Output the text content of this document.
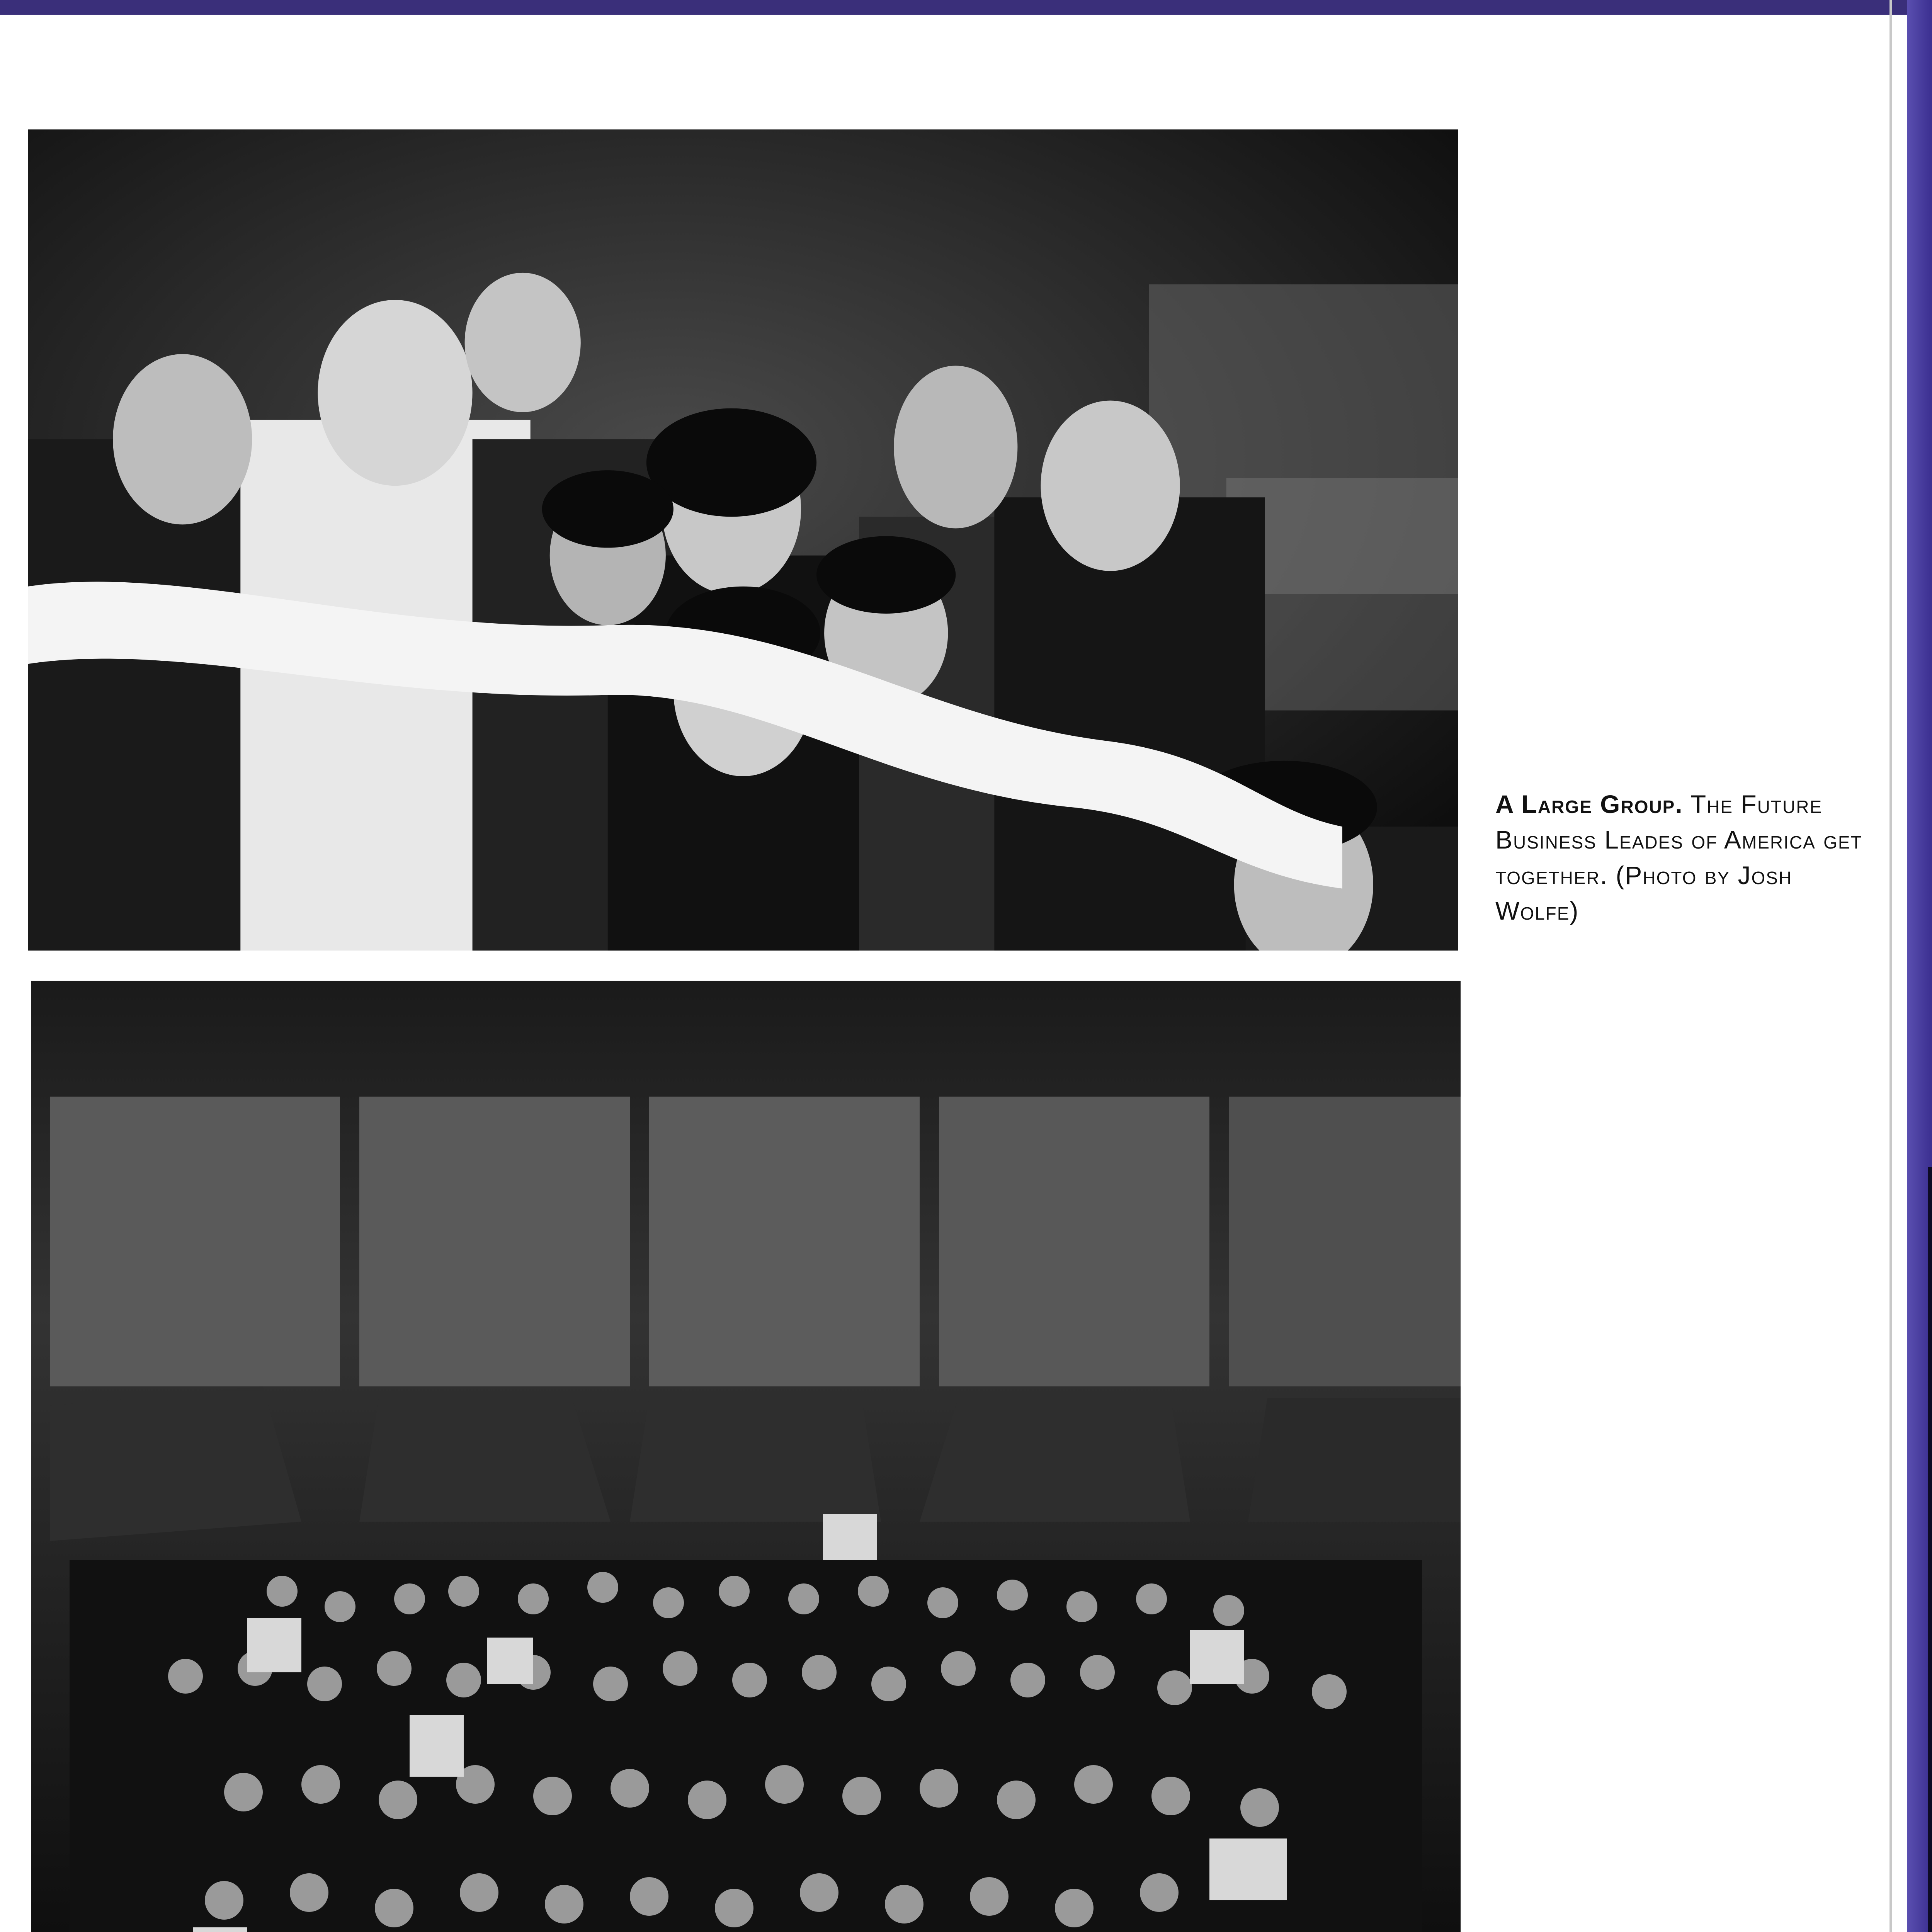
A Large Group. The Future Business Leades of America get together. (Photo by Josh Wolfe)
